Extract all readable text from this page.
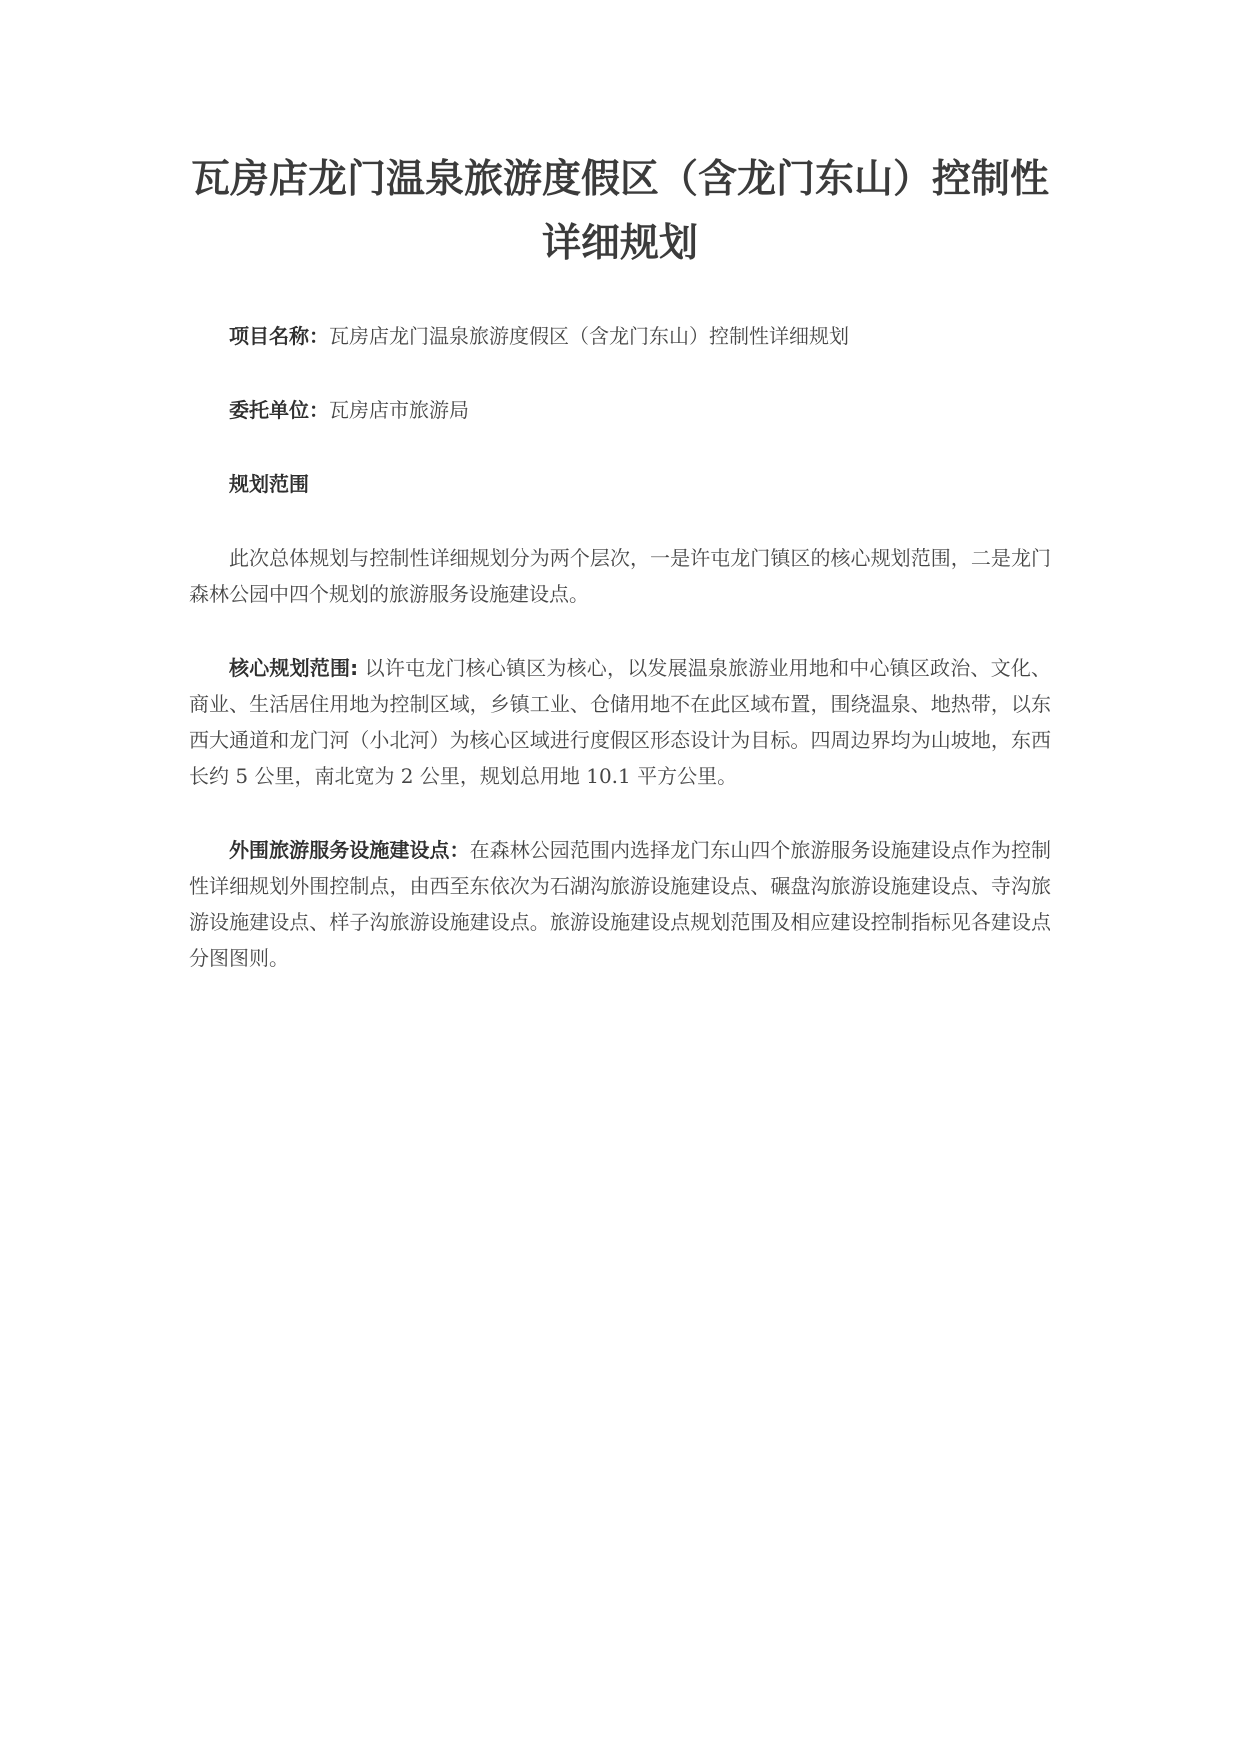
瓦房店龙门温泉旅游度假区（含龙门东山）控制性详细规划

项目名称：瓦房店龙门温泉旅游度假区（含龙门东山）控制性详细规划

委托单位：瓦房店市旅游局

规划范围

此次总体规划与控制性详细规划分为两个层次，一是许屯龙门镇区的核心规划范围，二是龙门森林公园中四个规划的旅游服务设施建设点。

核心规划范围: 以许屯龙门核心镇区为核心，以发展温泉旅游业用地和中心镇区政治、文化、商业、生活居住用地为控制区域，乡镇工业、仓储用地不在此区域布置，围绕温泉、地热带，以东西大通道和龙门河（小北河）为核心区域进行度假区形态设计为目标。四周边界均为山坡地，东西长约 5 公里，南北宽为 2 公里，规划总用地 10.1 平方公里。

外围旅游服务设施建设点：在森林公园范围内选择龙门东山四个旅游服务设施建设点作为控制性详细规划外围控制点，由西至东依次为石湖沟旅游设施建设点、碾盘沟旅游设施建设点、寺沟旅游设施建设点、样子沟旅游设施建设点。旅游设施建设点规划范围及相应建设控制指标见各建设点分图图则。
